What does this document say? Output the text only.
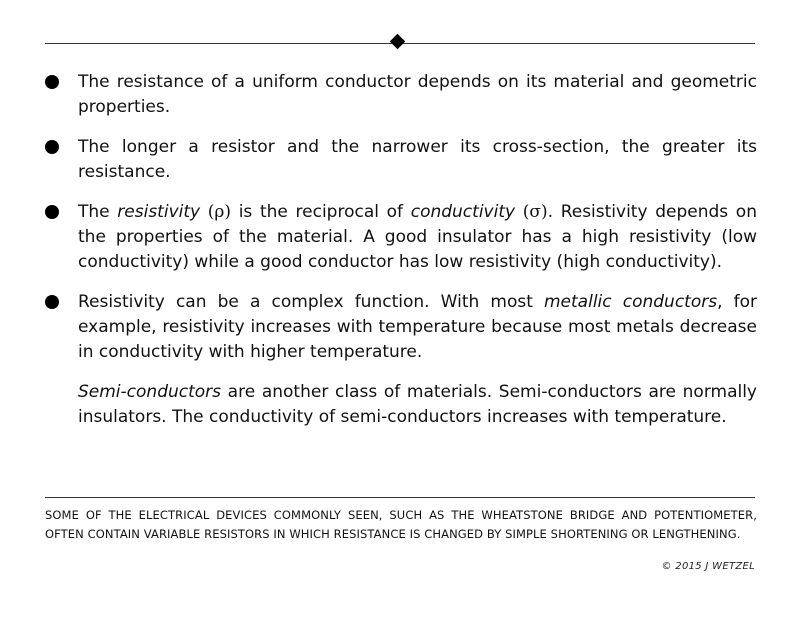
The resistance of a uniform conductor depends on its material and geometric properties.
The longer a resistor and the narrower its cross-section, the greater its resistance.
The resistivity (ρ) is the reciprocal of conductivity (σ). Resistivity depends on the properties of the material. A good insulator has a high resistivity (low conductivity) while a good conductor has low resistivity (high conductivity).
Resistivity can be a complex function. With most metallic conductors, for example, resistivity increases with temperature because most metals decrease in conductivity with higher temperature.
Semi-conductors are another class of materials. Semi-conductors are normally insulators. The conductivity of semi-conductors increases with temperature.
SOME OF THE ELECTRICAL DEVICES COMMONLY SEEN, SUCH AS THE WHEATSTONE BRIDGE AND POTENTIOMETER, OFTEN CONTAIN VARIABLE RESISTORS IN WHICH RESISTANCE IS CHANGED BY SIMPLE SHORTENING OR LENGTHENING.
© 2015 J WETZEL
